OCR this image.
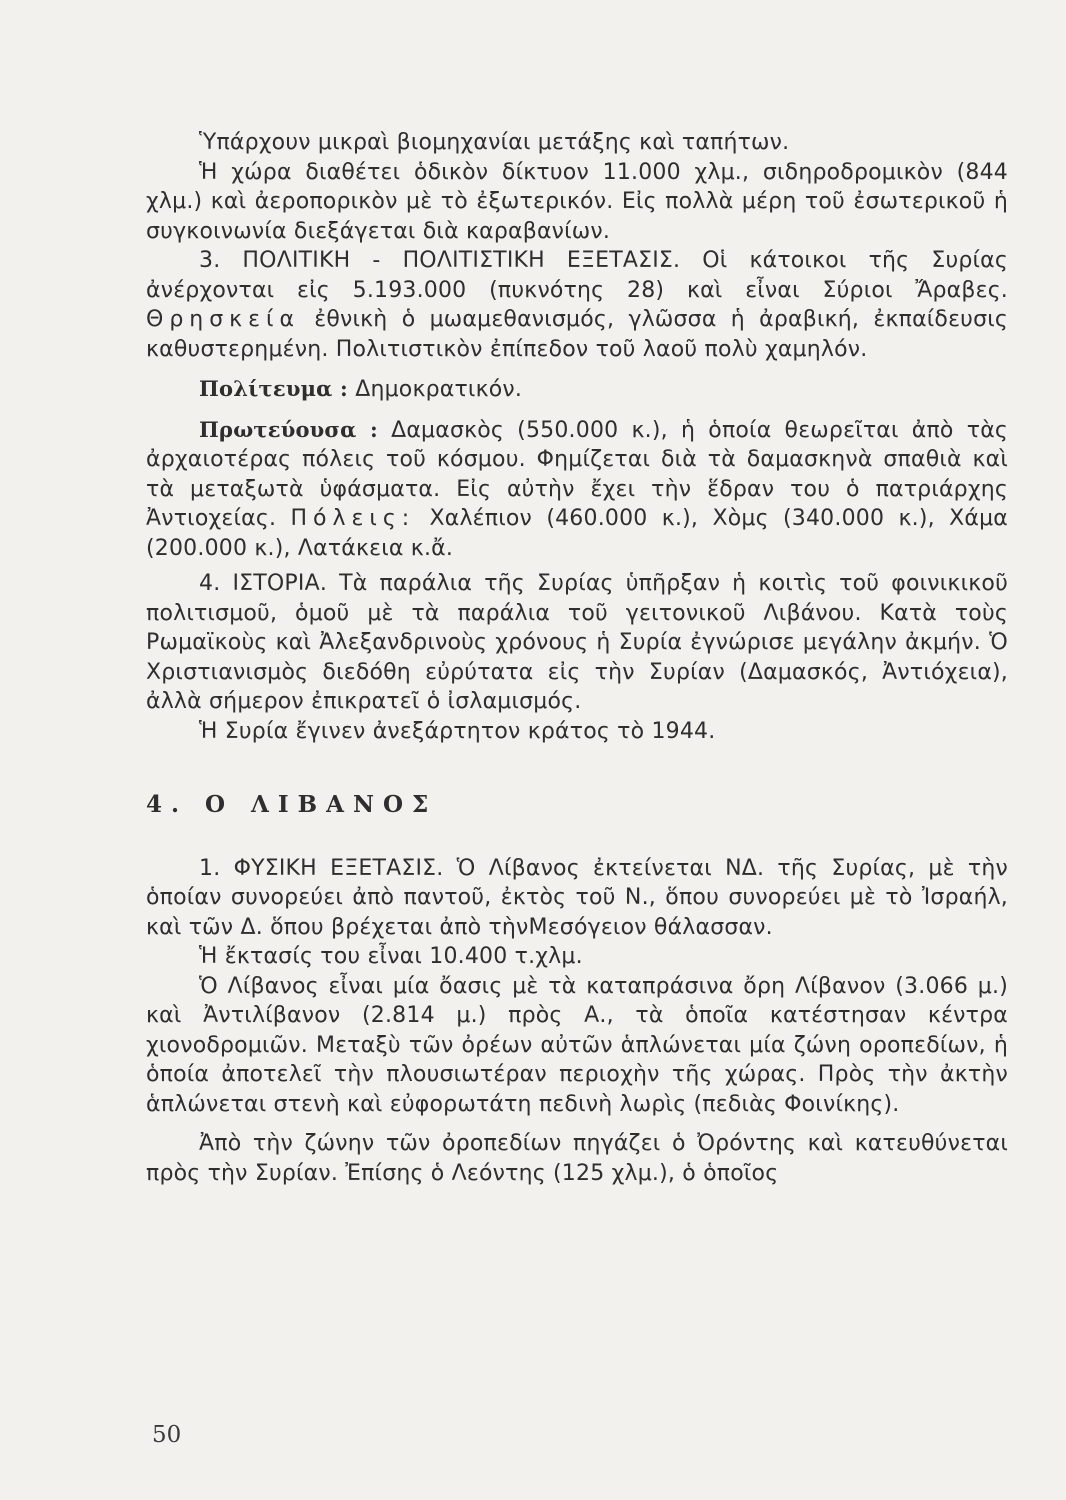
Ὑπάρχουν μικραὶ βιομηχανίαι μετάξης καὶ ταπήτων.

Ἡ χώρα διαθέτει ὁδικὸν δίκτυον 11.000 χλμ., σιδηροδρομικὸν (844 χλμ.) καὶ ἀεροπορικὸν μὲ τὸ ἐξωτερικόν. Εἰς πολλὰ μέρη τοῦ ἐσωτερικοῦ ἡ συγκοινωνία διεξάγεται διὰ καραβανίων.

3. ΠΟΛΙΤΙΚΗ - ΠΟΛΙΤΙΣΤΙΚΗ ΕΞΕΤΑΣΙΣ. Οἱ κάτοικοι τῆς Συρίας ἀνέρχονται εἰς 5.193.000 (πυκνότης 28) καὶ εἶναι Σύριοι Ἄραβες. Θρησκεία ἐθνικὴ ὁ μωαμεθανισμός, γλῶσσα ἡ ἀραβική, ἐκπαίδευσις καθυστερημένη. Πολιτιστικὸν ἐπίπεδον τοῦ λαοῦ πολὺ χαμηλόν.

Πολίτευμα : Δημοκρατικόν.

Πρωτεύουσα : Δαμασκὸς (550.000 κ.), ἡ ὁποία θεωρεῖται ἀπὸ τὰς ἀρχαιοτέρας πόλεις τοῦ κόσμου. Φημίζεται διὰ τὰ δαμασκηνὰ σπαθιὰ καὶ τὰ μεταξωτὰ ὑφάσματα. Εἰς αὐτὴν ἔχει τὴν ἕδραν του ὁ πατριάρχης Ἀντιοχείας. Πόλεις: Χαλέπιον (460.000 κ.), Χὸμς (340.000 κ.), Χάμα (200.000 κ.), Λατάκεια κ.ἄ.

4. ΙΣΤΟΡΙΑ. Τὰ παράλια τῆς Συρίας ὑπῆρξαν ἡ κοιτὶς τοῦ φοινικικοῦ πολιτισμοῦ, ὁμοῦ μὲ τὰ παράλια τοῦ γειτονικοῦ Λιβάνου. Κατὰ τοὺς Ρωμαϊκοὺς καὶ Ἀλεξανδρινοὺς χρόνους ἡ Συρία ἐγνώρισε μεγάλην ἀκμήν. Ὁ Χριστιανισμὸς διεδόθη εὐρύτατα εἰς τὴν Συρίαν (Δαμασκός, Ἀντιόχεια), ἀλλὰ σήμερον ἐπικρατεῖ ὁ ἰσλαμισμός.

Ἡ Συρία ἔγινεν ἀνεξάρτητον κράτος τὸ 1944.

4. Ο ΛΙΒΑΝΟΣ

1. ΦΥΣΙΚΗ ΕΞΕΤΑΣΙΣ. Ὁ Λίβανος ἐκτείνεται ΝΔ. τῆς Συρίας, μὲ τὴν ὁποίαν συνορεύει ἀπὸ παντοῦ, ἐκτὸς τοῦ Ν., ὅπου συνορεύει μὲ τὸ Ἰσραήλ, καὶ τῶν Δ. ὅπου βρέχεται ἀπὸ τὴνΜεσόγειον θάλασσαν.

Ἡ ἔκτασίς του εἶναι 10.400 τ.χλμ.

Ὁ Λίβανος εἶναι μία ὄασις μὲ τὰ καταπράσινα ὄρη Λίβανον (3.066 μ.) καὶ Ἀντιλίβανον (2.814 μ.) πρὸς Α., τὰ ὁποῖα κατέστησαν κέντρα χιονοδρομιῶν. Μεταξὺ τῶν ὀρέων αὐτῶν ἁπλώνεται μία ζώνη οροπεδίων, ἡ ὁποία ἀποτελεῖ τὴν πλουσιωτέραν περιοχὴν τῆς χώρας. Πρὸς τὴν ἀκτὴν ἁπλώνεται στενὴ καὶ εὐφορωτάτη πεδινὴ λωρὶς (πεδιὰς Φοινίκης).

Ἀπὸ τὴν ζώνην τῶν ὀροπεδίων πηγάζει ὁ Ὀρόντης καὶ κατευθύνεται πρὸς τὴν Συρίαν. Ἐπίσης ὁ Λεόντης (125 χλμ.), ὁ ὁποῖος

50
